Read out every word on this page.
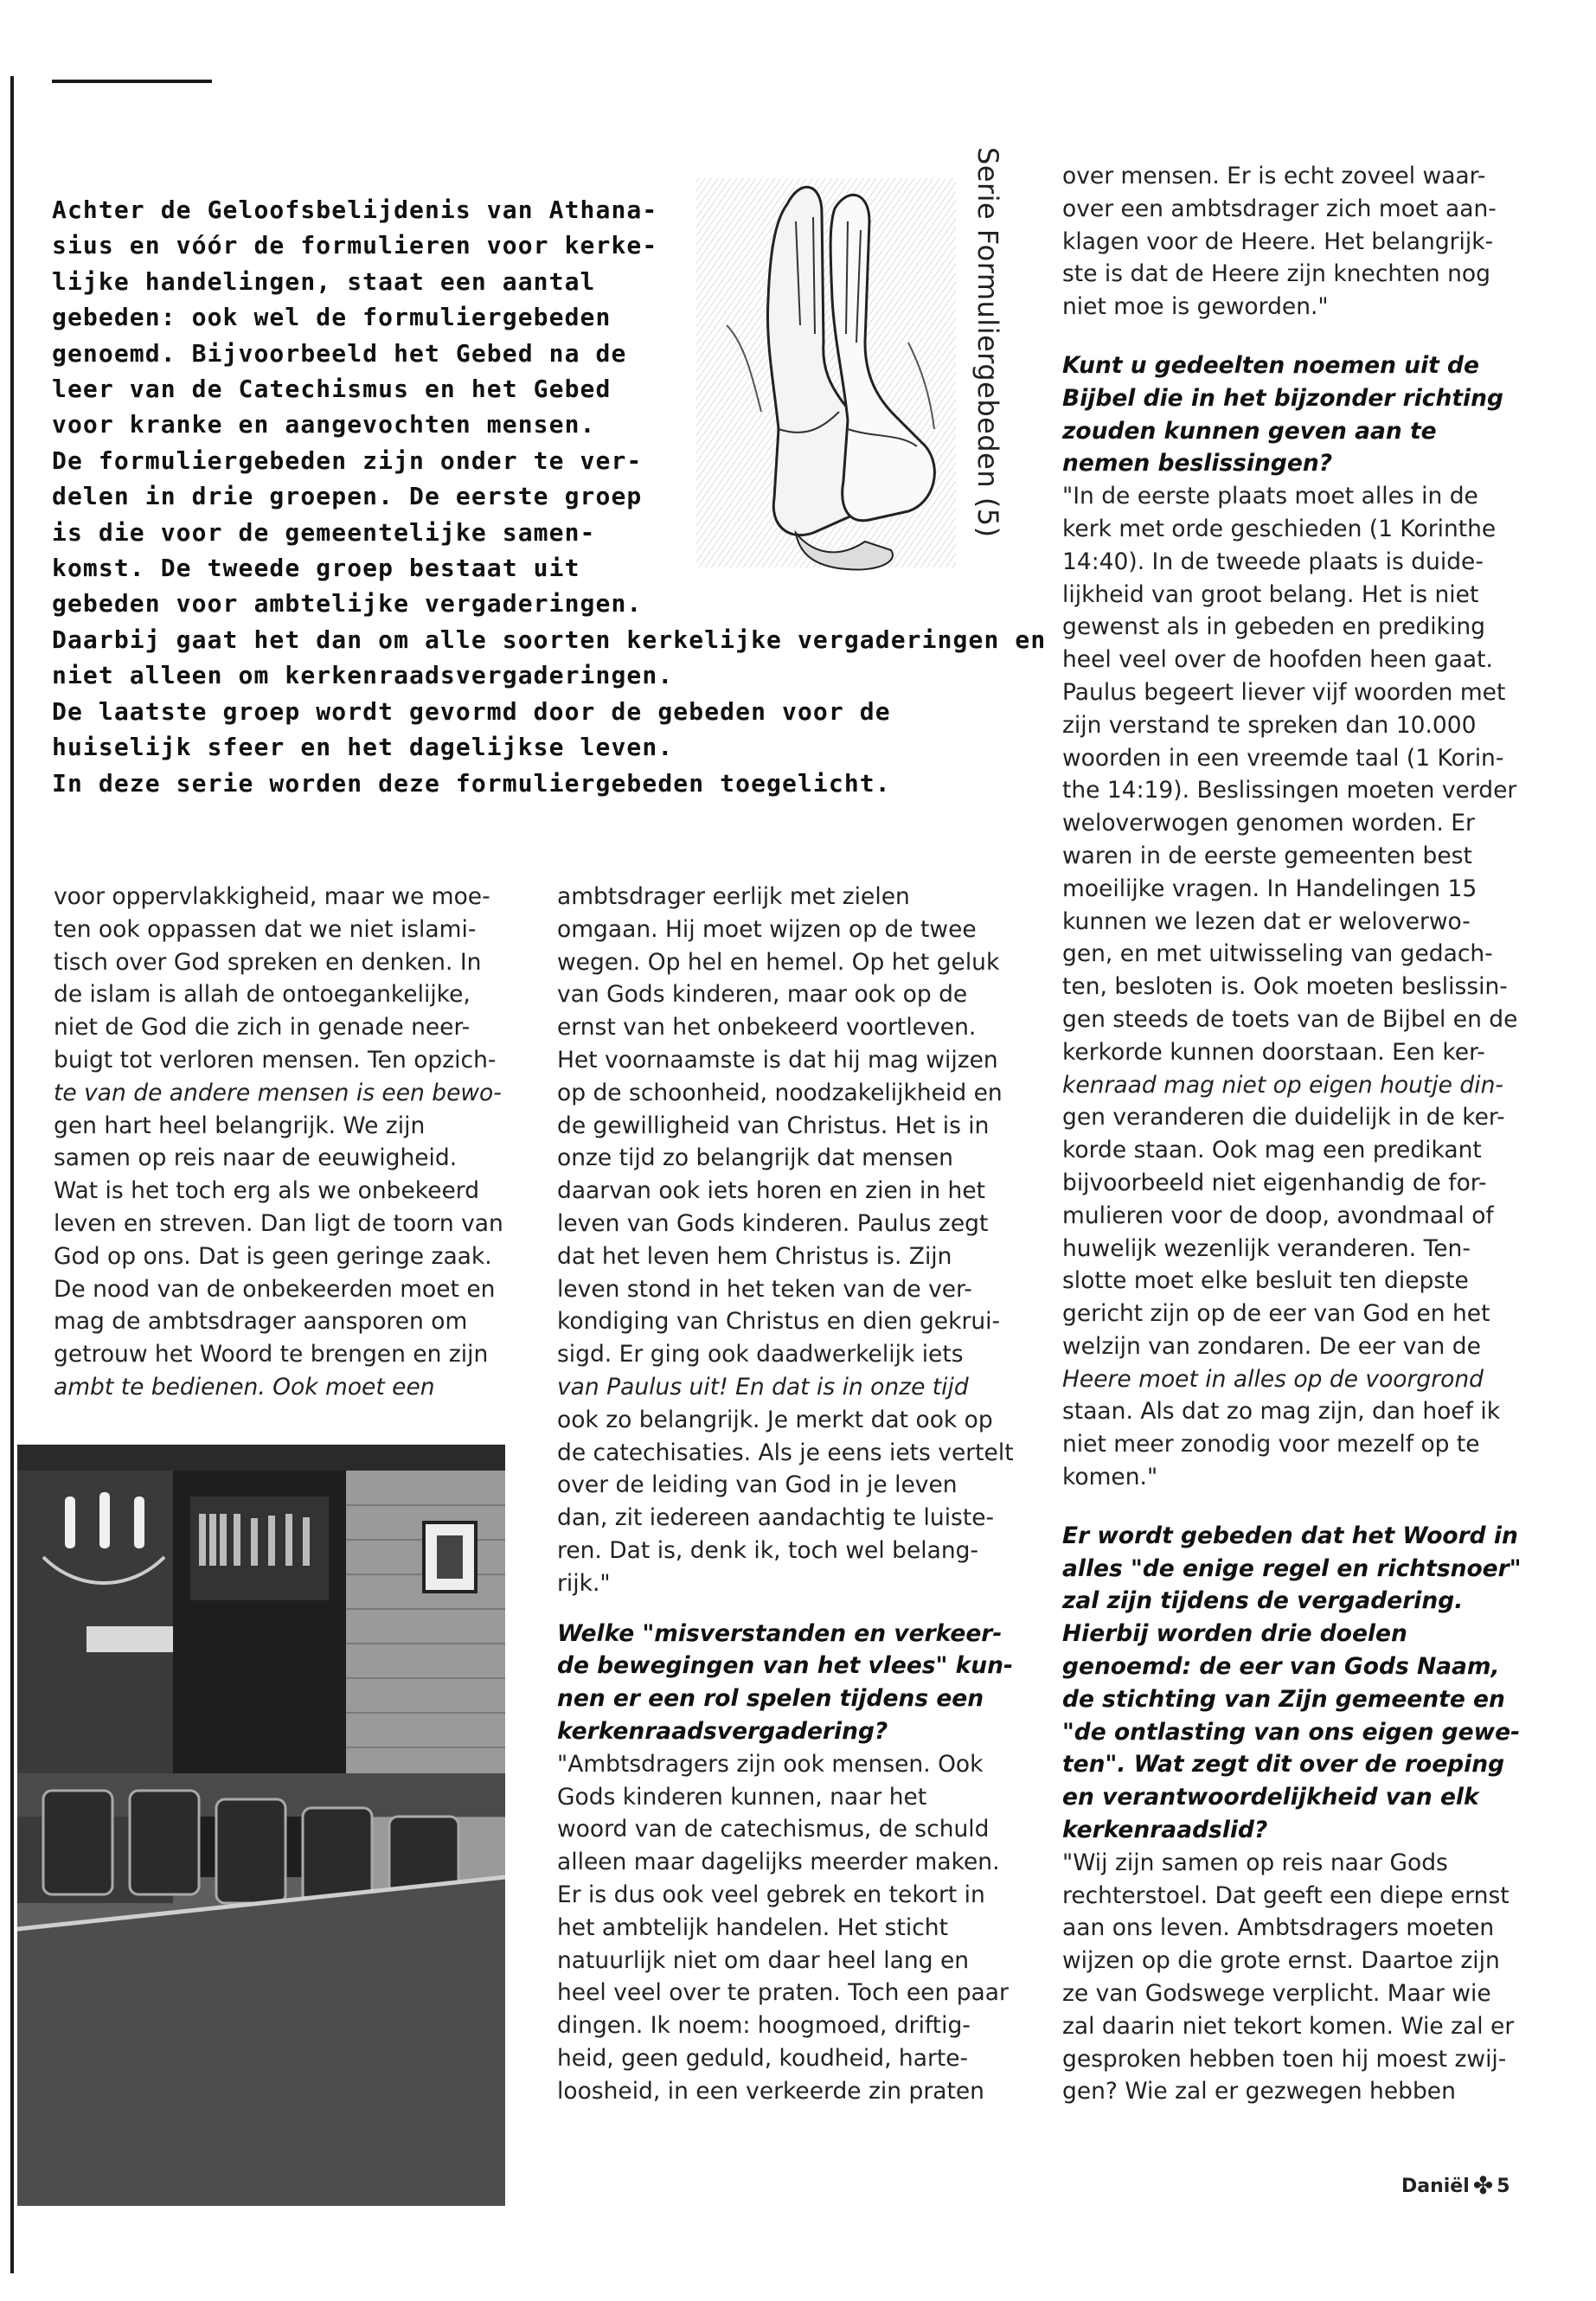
Achter de Geloofsbelijdenis van Athana-
sius en vóór de formulieren voor kerke-
lijke handelingen, staat een aantal
gebeden: ook wel de formuliergebeden
genoemd. Bijvoorbeeld het Gebed na de
leer van de Catechismus en het Gebed
voor kranke en aangevochten mensen.
De formuliergebeden zijn onder te ver-
delen in drie groepen. De eerste groep
is die voor de gemeentelijke samen-
komst. De tweede groep bestaat uit
gebeden voor ambtelijke vergaderingen.
Daarbij gaat het dan om alle soorten kerkelijke vergaderingen en
niet alleen om kerkenraadsvergaderingen.
De laatste groep wordt gevormd door de gebeden voor de
huiselijk sfeer en het dagelijkse leven.
In deze serie worden deze formuliergebeden toegelicht.
Serie Formuliergebeden (5)
voor oppervlakkigheid, maar we moe-
ten ook oppassen dat we niet islami-
tisch over God spreken en denken. In
de islam is allah de ontoegankelijke,
niet de God die zich in genade neer-
buigt tot verloren mensen. Ten opzich-
te van de andere mensen is een bewo-
gen hart heel belangrijk. We zijn
samen op reis naar de eeuwigheid.
Wat is het toch erg als we onbekeerd
leven en streven. Dan ligt de toorn van
God op ons. Dat is geen geringe zaak.
De nood van de onbekeerden moet en
mag de ambtsdrager aansporen om
getrouw het Woord te brengen en zijn
ambt te bedienen. Ook moet een
ambtsdrager eerlijk met zielen
omgaan. Hij moet wijzen op de twee
wegen. Op hel en hemel. Op het geluk
van Gods kinderen, maar ook op de
ernst van het onbekeerd voortleven.
Het voornaamste is dat hij mag wijzen
op de schoonheid, noodzakelijkheid en
de gewilligheid van Christus. Het is in
onze tijd zo belangrijk dat mensen
daarvan ook iets horen en zien in het
leven van Gods kinderen. Paulus zegt
dat het leven hem Christus is. Zijn
leven stond in het teken van de ver-
kondiging van Christus en dien gekrui-
sigd. Er ging ook daadwerkelijk iets
van Paulus uit! En dat is in onze tijd
ook zo belangrijk. Je merkt dat ook op
de catechisaties. Als je eens iets vertelt
over de leiding van God in je leven
dan, zit iedereen aandachtig te luiste-
ren. Dat is, denk ik, toch wel belang-
rijk."
Welke "misverstanden en verkeer-
de bewegingen van het vlees" kun-
nen er een rol spelen tijdens een
kerkenraadsvergadering?
"Ambtsdragers zijn ook mensen. Ook
Gods kinderen kunnen, naar het
woord van de catechismus, de schuld
alleen maar dagelijks meerder maken.
Er is dus ook veel gebrek en tekort in
het ambtelijk handelen. Het sticht
natuurlijk niet om daar heel lang en
heel veel over te praten. Toch een paar
dingen. Ik noem: hoogmoed, driftig-
heid, geen geduld, koudheid, harte-
loosheid, in een verkeerde zin praten
over mensen. Er is echt zoveel waar-
over een ambtsdrager zich moet aan-
klagen voor de Heere. Het belangrijk-
ste is dat de Heere zijn knechten nog
niet moe is geworden."
Kunt u gedeelten noemen uit de
Bijbel die in het bijzonder richting
zouden kunnen geven aan te
nemen beslissingen?
"In de eerste plaats moet alles in de
kerk met orde geschieden (1 Korinthe
14:40). In de tweede plaats is duide-
lijkheid van groot belang. Het is niet
gewenst als in gebeden en prediking
heel veel over de hoofden heen gaat.
Paulus begeert liever vijf woorden met
zijn verstand te spreken dan 10.000
woorden in een vreemde taal (1 Korin-
the 14:19). Beslissingen moeten verder
weloverwogen genomen worden. Er
waren in de eerste gemeenten best
moeilijke vragen. In Handelingen 15
kunnen we lezen dat er weloverwo-
gen, en met uitwisseling van gedach-
ten, besloten is. Ook moeten beslissin-
gen steeds de toets van de Bijbel en de
kerkorde kunnen doorstaan. Een ker-
kenraad mag niet op eigen houtje din-
gen veranderen die duidelijk in de ker-
korde staan. Ook mag een predikant
bijvoorbeeld niet eigenhandig de for-
mulieren voor de doop, avondmaal of
huwelijk wezenlijk veranderen. Ten-
slotte moet elke besluit ten diepste
gericht zijn op de eer van God en het
welzijn van zondaren. De eer van de
Heere moet in alles op de voorgrond
staan. Als dat zo mag zijn, dan hoef ik
niet meer zonodig voor mezelf op te
komen."
Er wordt gebeden dat het Woord in
alles "de enige regel en richtsnoer"
zal zijn tijdens de vergadering.
Hierbij worden drie doelen
genoemd: de eer van Gods Naam,
de stichting van Zijn gemeente en
"de ontlasting van ons eigen gewe-
ten". Wat zegt dit over de roeping
en verantwoordelijkheid van elk
kerkenraadslid?
"Wij zijn samen op reis naar Gods
rechterstoel. Dat geeft een diepe ernst
aan ons leven. Ambtsdragers moeten
wijzen op die grote ernst. Daartoe zijn
ze van Godswege verplicht. Maar wie
zal daarin niet tekort komen. Wie zal er
gesproken hebben toen hij moest zwij-
gen? Wie zal er gezwegen hebben
Daniël ✤ 5
